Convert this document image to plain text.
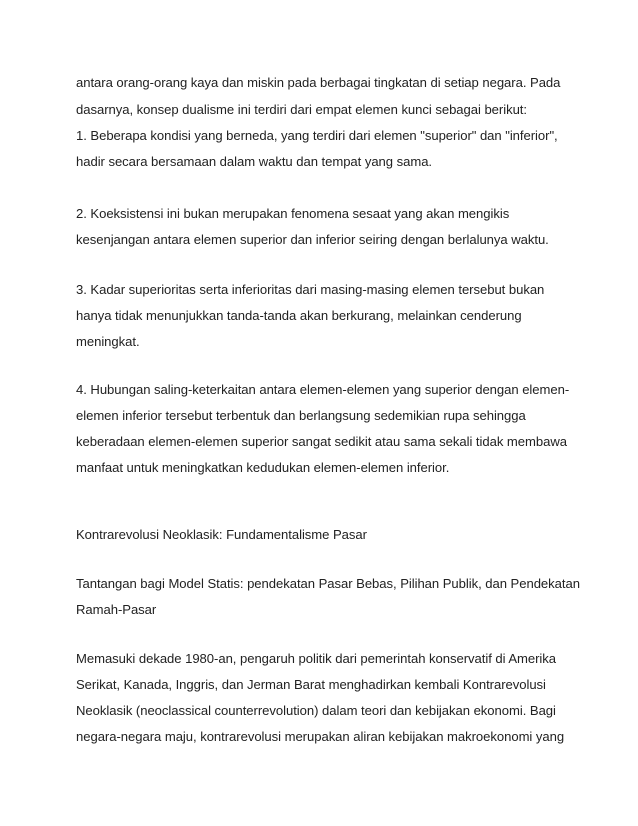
antara orang-orang kaya dan miskin pada berbagai tingkatan di setiap negara. Pada

dasarnya, konsep dualisme ini terdiri dari empat elemen kunci sebagai berikut:

1. Beberapa kondisi yang berneda, yang terdiri dari elemen "superior" dan "inferior",

hadir secara bersamaan dalam waktu dan tempat yang sama.

2. Koeksistensi ini bukan merupakan fenomena sesaat yang akan mengikis

kesenjangan antara elemen superior dan inferior seiring dengan berlalunya waktu.

3. Kadar superioritas serta inferioritas dari masing-masing elemen tersebut bukan

hanya tidak menunjukkan tanda-tanda akan berkurang, melainkan cenderung

meningkat.

4. Hubungan saling-keterkaitan antara elemen-elemen yang superior dengan elemen-

elemen inferior tersebut terbentuk dan berlangsung sedemikian rupa sehingga

keberadaan elemen-elemen superior sangat sedikit atau sama sekali tidak membawa

manfaat untuk meningkatkan kedudukan elemen-elemen inferior.

Kontrarevolusi Neoklasik: Fundamentalisme Pasar

Tantangan bagi Model Statis: pendekatan Pasar Bebas, Pilihan Publik, dan Pendekatan

Ramah-Pasar

Memasuki dekade 1980-an, pengaruh politik dari pemerintah konservatif di Amerika

Serikat, Kanada, Inggris, dan Jerman Barat menghadirkan kembali Kontrarevolusi

Neoklasik (neoclassical counterrevolution) dalam teori dan kebijakan ekonomi. Bagi

negara-negara maju, kontrarevolusi merupakan aliran kebijakan makroekonomi yang
